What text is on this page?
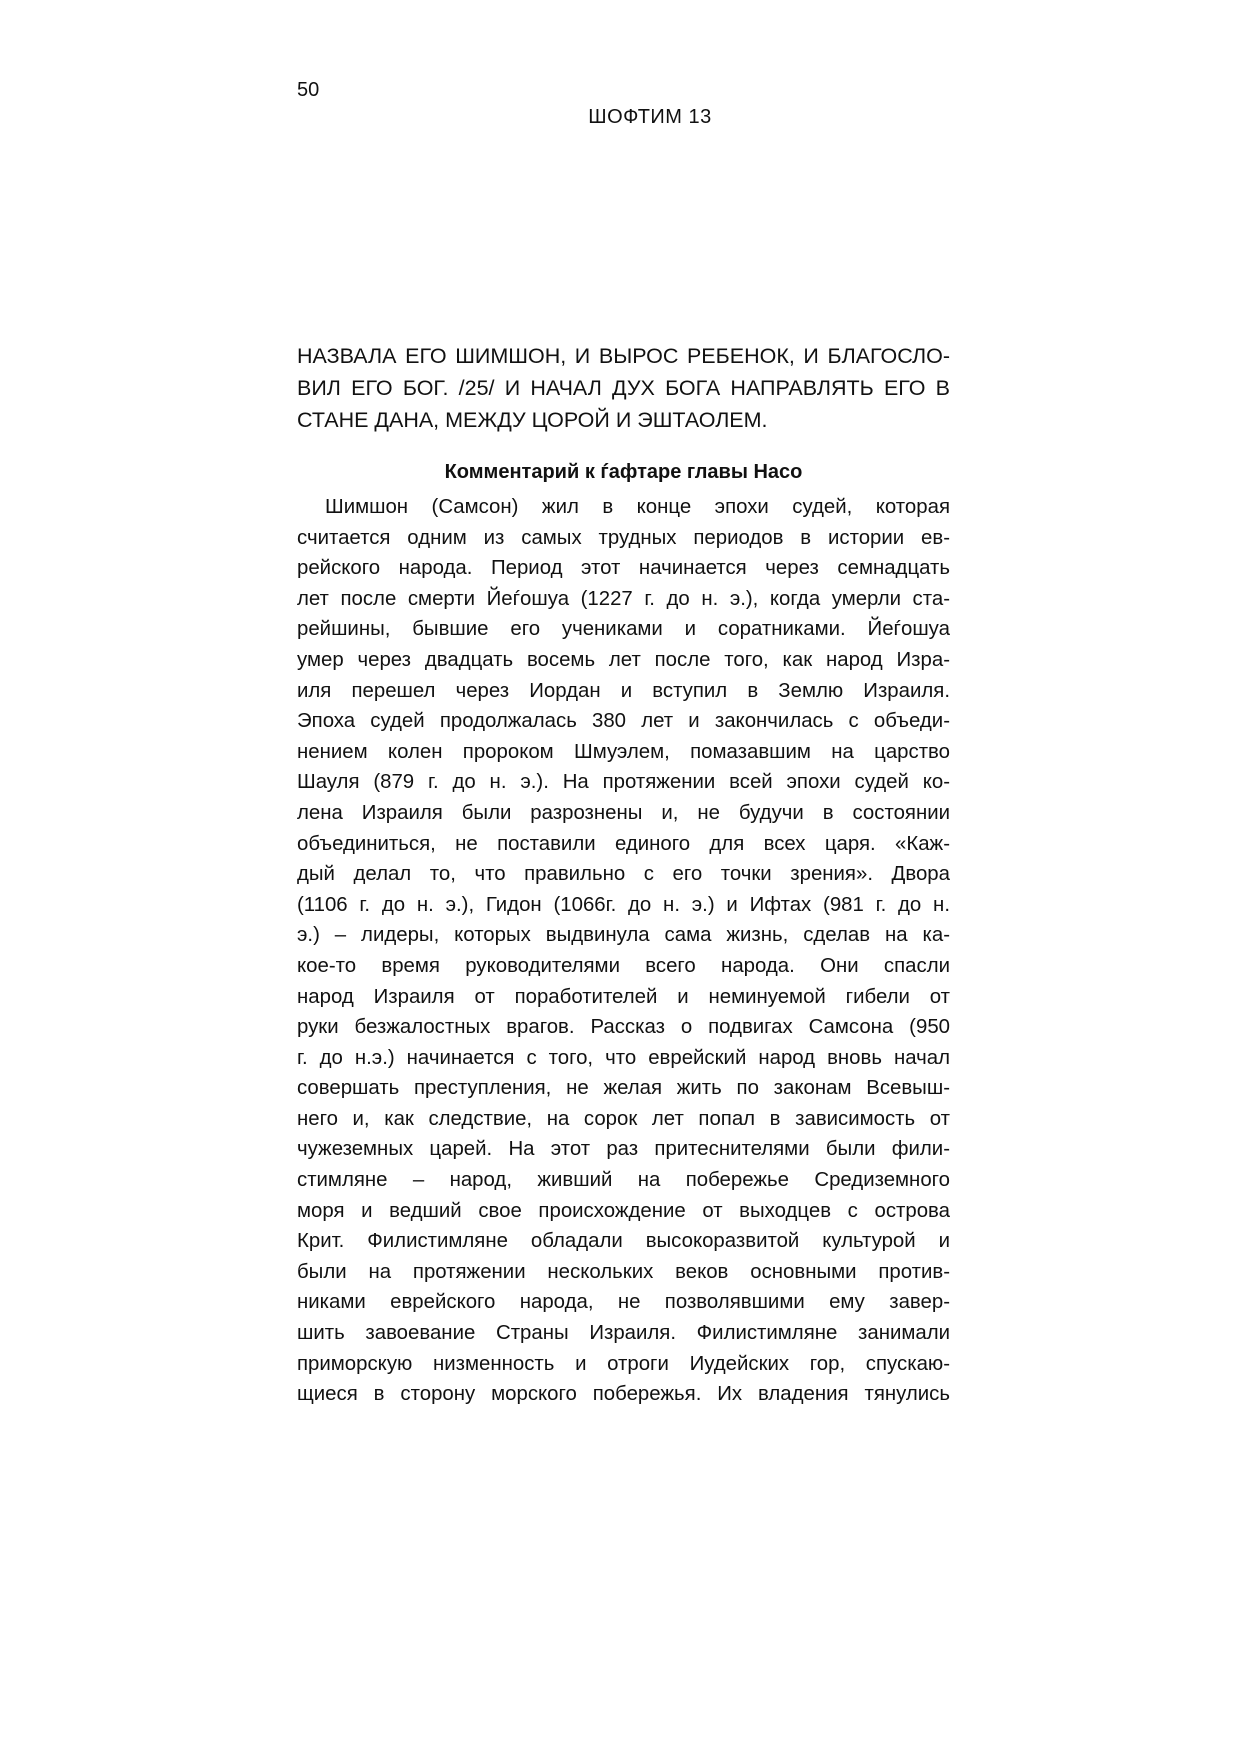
50
ШОФТИМ 13
НАЗВАЛА ЕГО ШИМШОН, И ВЫРОС РЕБЕНОК, И БЛАГОСЛО-
ВИЛ ЕГО БОГ. /25/ И НАЧАЛ ДУХ БОГА НАПРАВЛЯТЬ ЕГО В
СТАНЕ ДАНА, МЕЖДУ ЦОРОЙ И ЭШТАОЛЕМ.
Комментарий к ѓафтаре главы Насо
Шимшон (Самсон) жил в конце эпохи судей, которая
считается одним из самых трудных периодов в истории ев-
рейского народа. Период этот начинается через семнадцать
лет после смерти Йеѓошуа (1227 г. до н. э.), когда умерли ста-
рейшины, бывшие его учениками и соратниками. Йеѓошуа
умер через двадцать восемь лет после того, как народ Изра-
иля перешел через Иордан и вступил в Землю Израиля.
Эпоха судей продолжалась 380 лет и закончилась с объеди-
нением колен пророком Шмуэлем, помазавшим на царство
Шауля (879 г. до н. э.). На протяжении всей эпохи судей ко-
лена Израиля были разрознены и, не будучи в состоянии
объединиться, не поставили единого для всех царя. «Каж-
дый делал то, что правильно с его точки зрения». Двора
(1106 г. до н. э.), Гидон (1066г. до н. э.) и Ифтах (981 г. до н.
э.) – лидеры, которых выдвинула сама жизнь, сделав на ка-
кое-то время руководителями всего народа. Они спасли
народ Израиля от поработителей и неминуемой гибели от
руки безжалостных врагов. Рассказ о подвигах Самсона (950
г. до н.э.) начинается с того, что еврейский народ вновь начал
совершать преступления, не желая жить по законам Всевыш-
него и, как следствие, на сорок лет попал в зависимость от
чужеземных царей. На этот раз притеснителями были фили-
стимляне – народ, живший на побережье Средиземного
моря и ведший свое происхождение от выходцев с острова
Крит. Филистимляне обладали высокоразвитой культурой и
были на протяжении нескольких веков основными против-
никами еврейского народа, не позволявшими ему завер-
шить завоевание Страны Израиля. Филистимляне занимали
приморскую низменность и отроги Иудейских гор, спускаю-
щиеся в сторону морского побережья. Их владения тянулись
